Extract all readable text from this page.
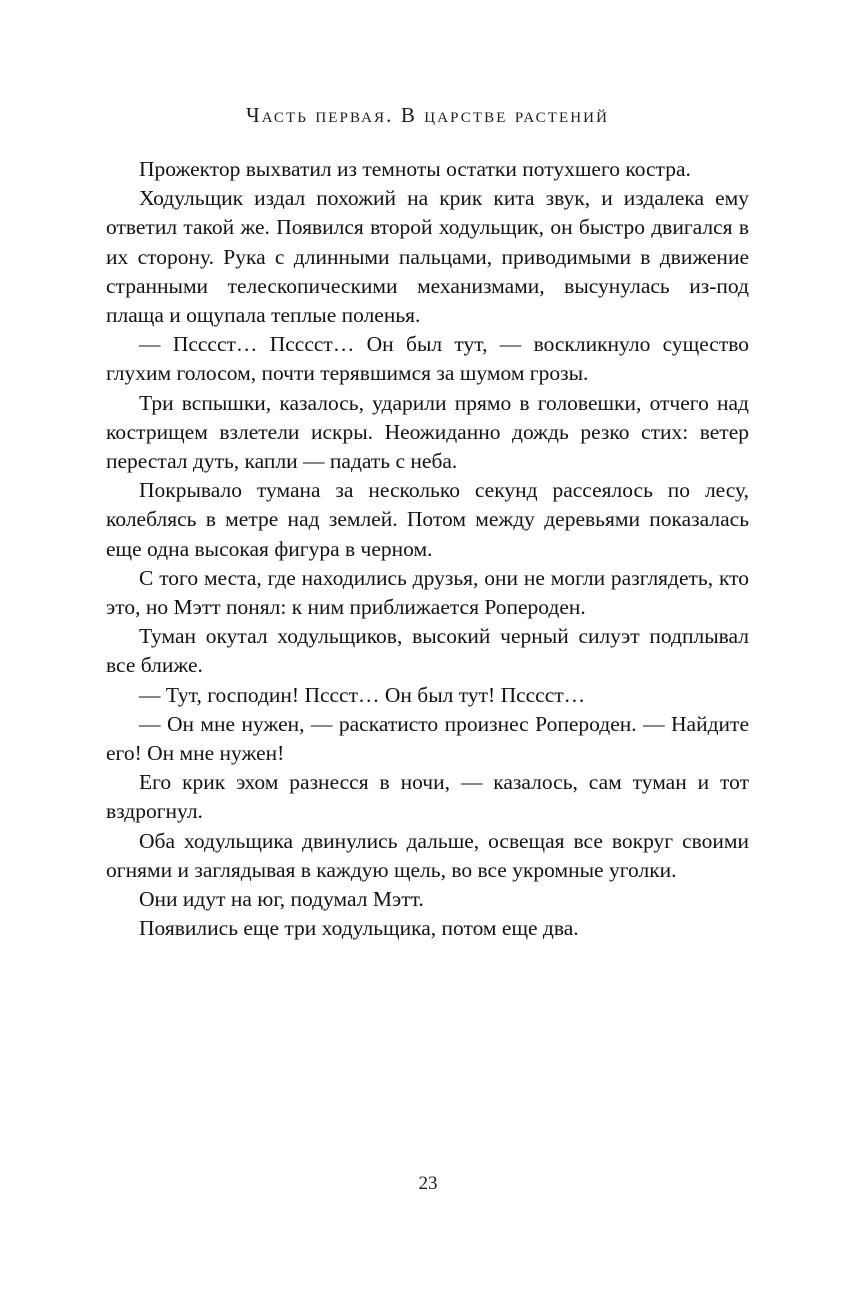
Часть первая. В царстве растений

Прожектор выхватил из темноты остатки потухшего костра.

Ходульщик издал похожий на крик кита звук, и издалека ему ответил такой же. Появился второй ходульщик, он быстро двигался в их сторону. Рука с длинными пальцами, приводимыми в движение странными телескопическими механизмами, высунулась из-под плаща и ощупала теплые поленья.

— Псссст… Псссст… Он был тут, — воскликнуло существо глухим голосом, почти терявшимся за шумом грозы.

Три вспышки, казалось, ударили прямо в головешки, отчего над кострищем взлетели искры. Неожиданно дождь резко стих: ветер перестал дуть, капли — падать с неба.

Покрывало тумана за несколько секунд рассеялось по лесу, колеблясь в метре над землей. Потом между деревьями показалась еще одна высокая фигура в черном.

С того места, где находились друзья, они не могли разглядеть, кто это, но Мэтт понял: к ним приближается Ропероден.

Туман окутал ходульщиков, высокий черный силуэт подплывал все ближе.

— Тут, господин! Пссст… Он был тут! Псссст…

— Он мне нужен, — раскатисто произнес Ропероден. — Найдите его! Он мне нужен!

Его крик эхом разнесся в ночи, — казалось, сам туман и тот вздрогнул.

Оба ходульщика двинулись дальше, освещая все вокруг своими огнями и заглядывая в каждую щель, во все укромные уголки.

Они идут на юг, подумал Мэтт.

Появились еще три ходульщика, потом еще два.

23
